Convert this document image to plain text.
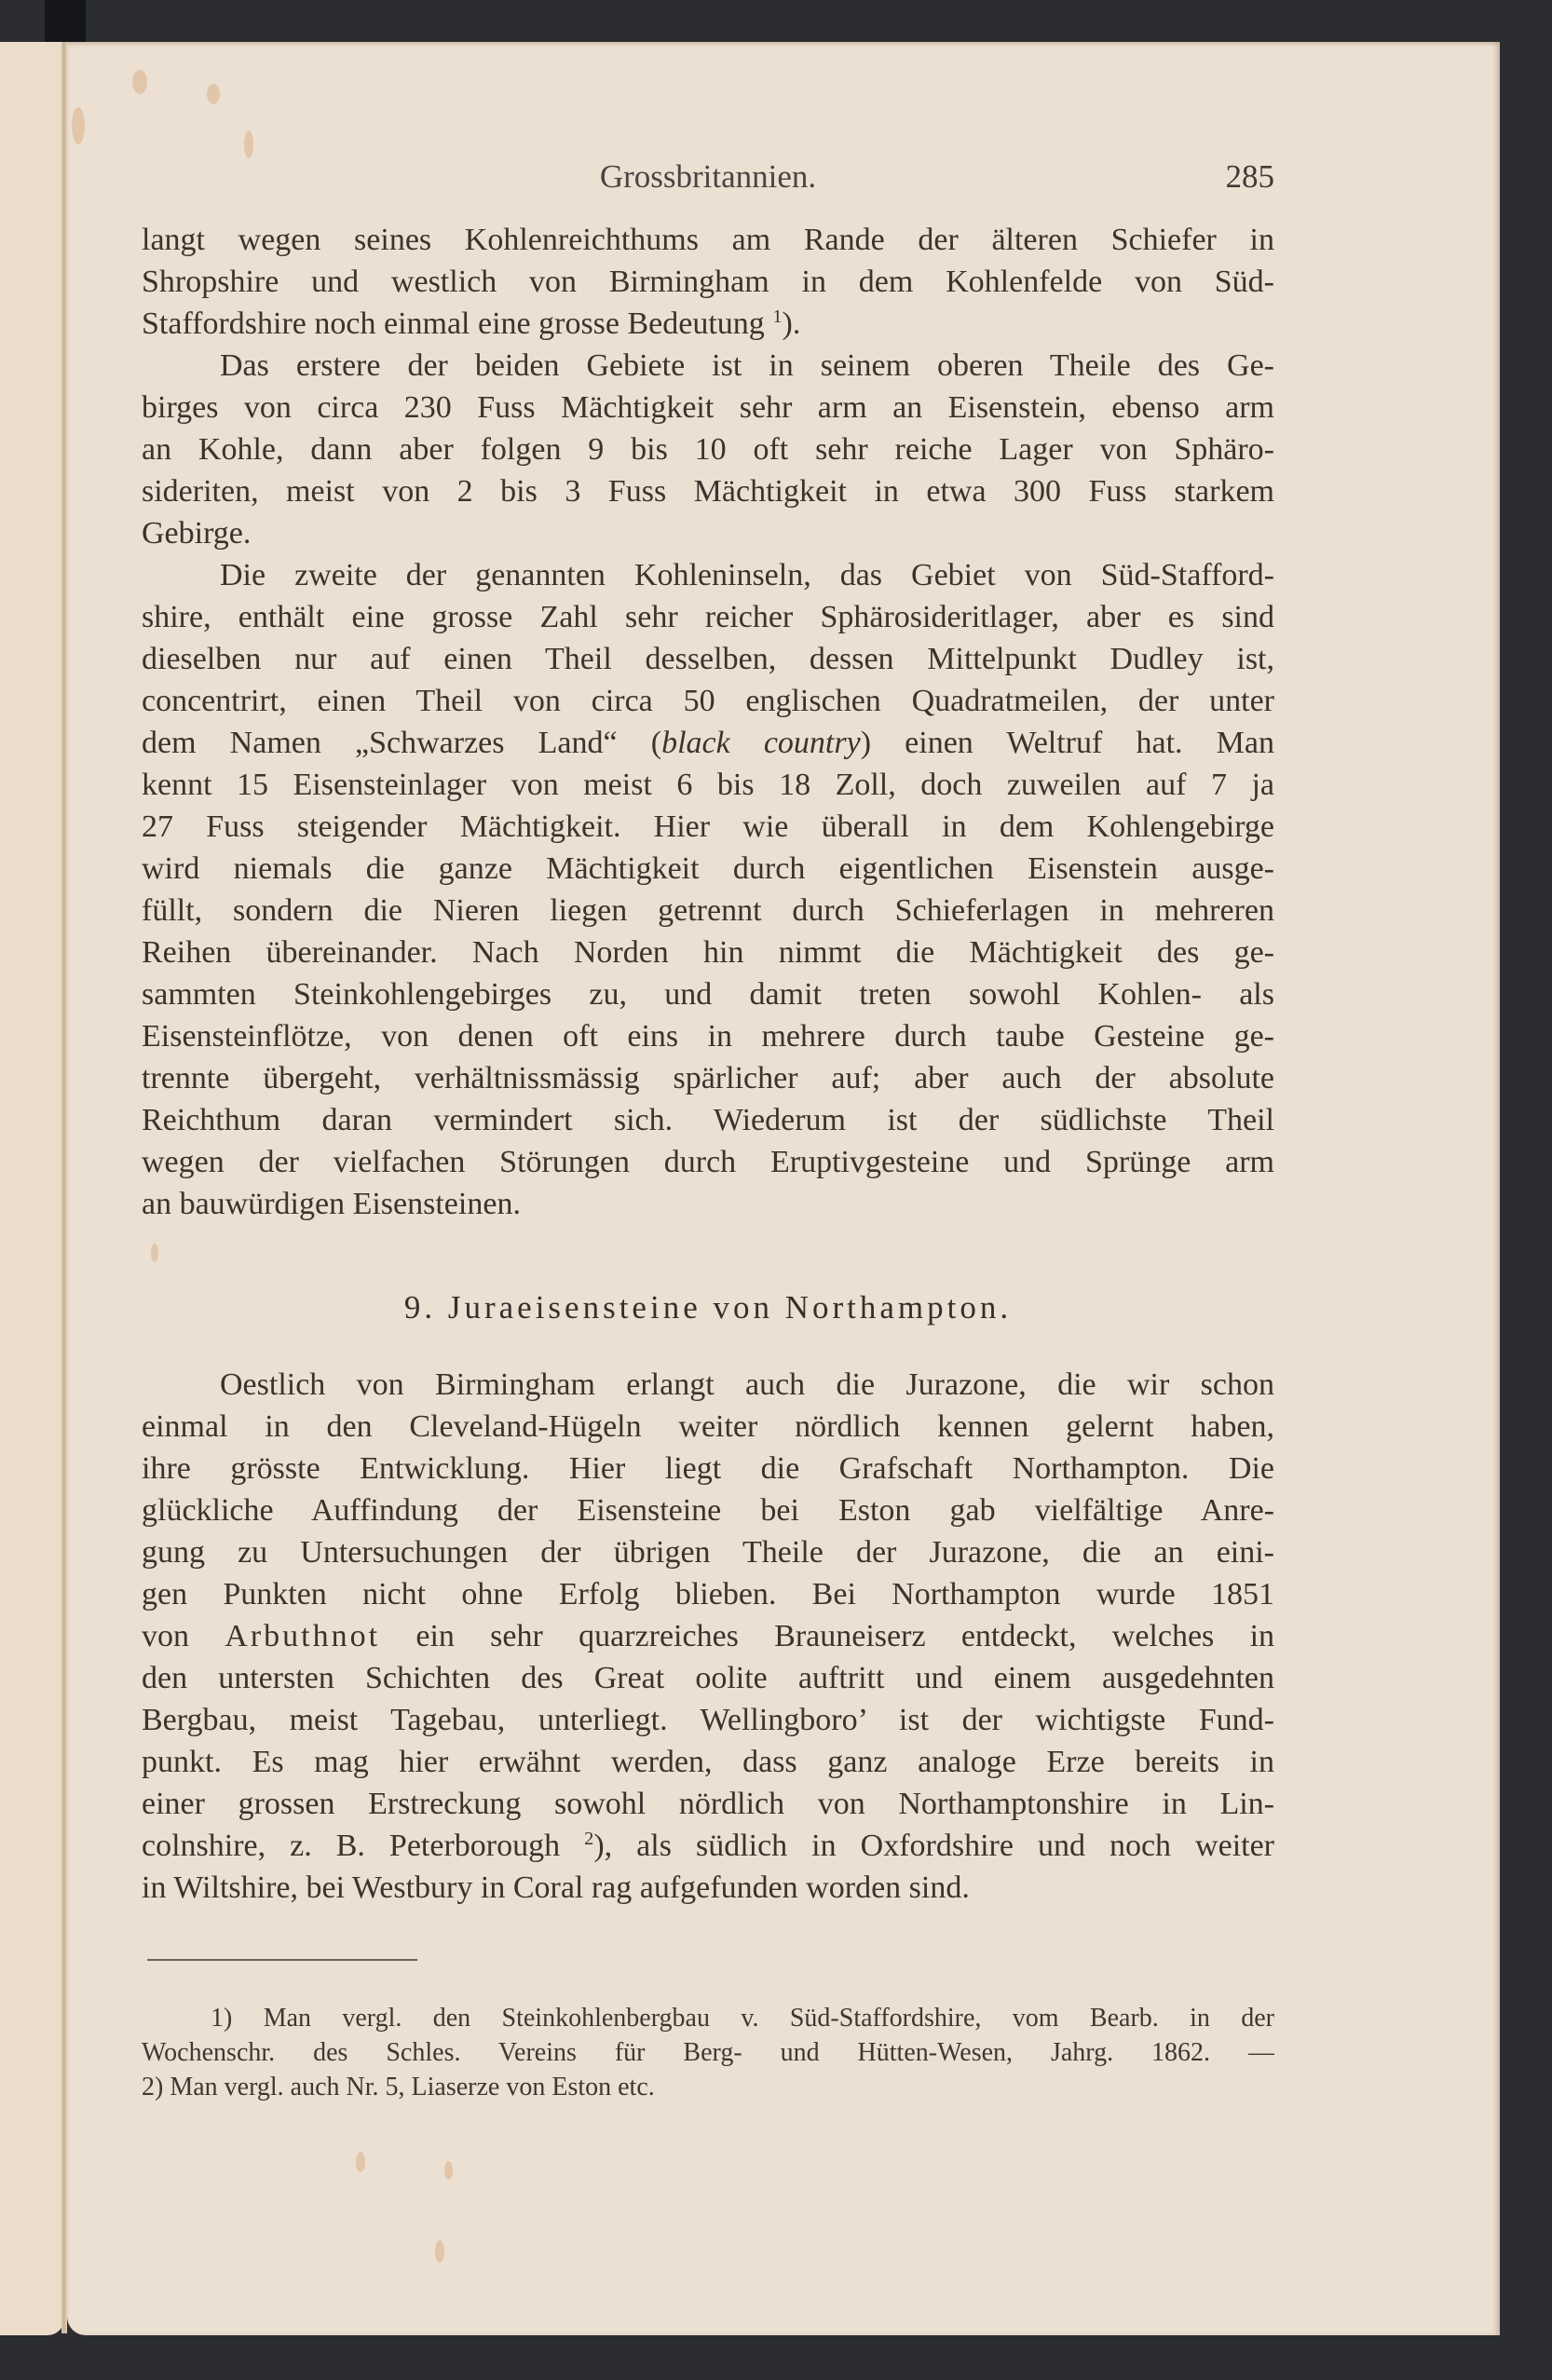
Grossbritannien.	285
langt wegen seines Kohlenreichthums am Rande der älteren Schiefer in
Shropshire und westlich von Birmingham in dem Kohlenfelde von Süd-
Staffordshire noch einmal eine grosse Bedeutung $^1$).
Das erstere der beiden Gebiete ist in seinem oberen Theile des Ge-
birges von circa 230 Fuss Mächtigkeit sehr arm an Eisenstein, ebenso arm
an Kohle, dann aber folgen 9 bis 10 oft sehr reiche Lager von Sphäro-
sideriten, meist von 2 bis 3 Fuss Mächtigkeit in etwa 300 Fuss starkem
Gebirge.
Die zweite der genannten Kohleninseln, das Gebiet von Süd-Stafford-
shire, enthält eine grosse Zahl sehr reicher Sphärosideritlager, aber es sind
dieselben nur auf einen Theil desselben, dessen Mittelpunkt Dudley ist,
concentrirt, einen Theil von circa 50 englischen Quadratmeilen, der unter
dem Namen „Schwarzes Land“ (black country) einen Weltruf hat. Man
kennt 15 Eisensteinlager von meist 6 bis 18 Zoll, doch zuweilen auf 7 ja
27 Fuss steigender Mächtigkeit. Hier wie überall in dem Kohlengebirge
wird niemals die ganze Mächtigkeit durch eigentlichen Eisenstein ausge-
füllt, sondern die Nieren liegen getrennt durch Schieferlagen in mehreren
Reihen übereinander. Nach Norden hin nimmt die Mächtigkeit des ge-
sammten Steinkohlengebirges zu, und damit treten sowohl Kohlen- als
Eisensteinflötze, von denen oft eins in mehrere durch taube Gesteine ge-
trennte übergeht, verhältnissmässig spärlicher auf; aber auch der absolute
Reichthum daran vermindert sich. Wiederum ist der südlichste Theil
wegen der vielfachen Störungen durch Eruptivgesteine und Sprünge arm
an bauwürdigen Eisensteinen.
9. Juraeisensteine von Northampton.
Oestlich von Birmingham erlangt auch die Jurazone, die wir schon
einmal in den Cleveland-Hügeln weiter nördlich kennen gelernt haben,
ihre grösste Entwicklung. Hier liegt die Grafschaft Northampton. Die
glückliche Auffindung der Eisensteine bei Eston gab vielfältige Anre-
gung zu Untersuchungen der übrigen Theile der Jurazone, die an eini-
gen Punkten nicht ohne Erfolg blieben. Bei Northampton wurde 1851
von Arbuthnot ein sehr quarzreiches Brauneiserz entdeckt, welches in
den untersten Schichten des Great oolite auftritt und einem ausgedehnten
Bergbau, meist Tagebau, unterliegt. Wellingboro’ ist der wichtigste Fund-
punkt. Es mag hier erwähnt werden, dass ganz analoge Erze bereits in
einer grossen Erstreckung sowohl nördlich von Northamptonshire in Lin-
colnshire, z. B. Peterborough $^2$), als südlich in Oxfordshire und noch weiter
in Wiltshire, bei Westbury in Coral rag aufgefunden worden sind.
1) Man vergl. den Steinkohlenbergbau v. Süd-Staffordshire, vom Bearb. in der
Wochenschr. des Schles. Vereins für Berg- und Hütten-Wesen, Jahrg. 1862. —
2) Man vergl. auch Nr. 5, Liaserze von Eston etc.
